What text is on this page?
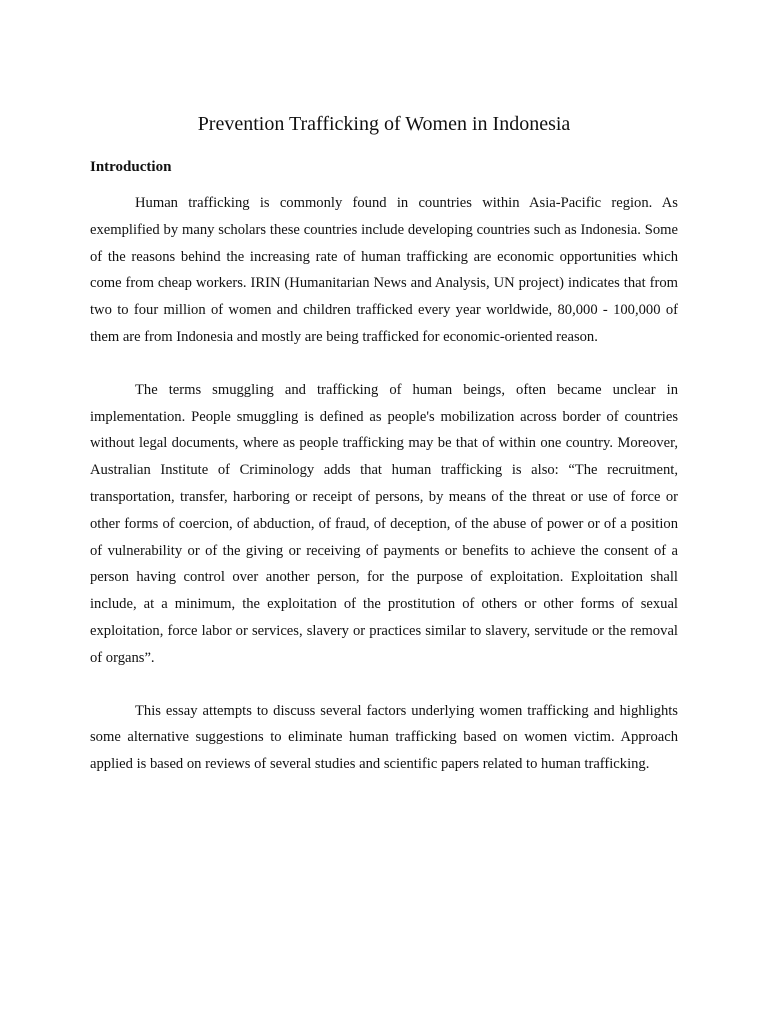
Prevention Trafficking of Women in Indonesia
Introduction

Human trafficking is commonly found in countries within Asia-Pacific region. As exemplified by many scholars these countries include developing countries such as Indonesia. Some of the reasons behind the increasing rate of human trafficking are economic opportunities which come from cheap workers. IRIN (Humanitarian News and Analysis, UN project) indicates that from two to four million of women and children trafficked every year worldwide, 80,000 - 100,000 of them are from Indonesia and mostly are being trafficked for economic-oriented reason.

The terms smuggling and trafficking of human beings, often became unclear in implementation. People smuggling is defined as people's mobilization across border of countries without legal documents, where as people trafficking may be that of within one country. Moreover, Australian Institute of Criminology adds that human trafficking is also: “The recruitment, transportation, transfer, harboring or receipt of persons, by means of the threat or use of force or other forms of coercion, of abduction, of fraud, of deception, of the abuse of power or of a position of vulnerability or of the giving or receiving of payments or benefits to achieve the consent of a person having control over another person, for the purpose of exploitation. Exploitation shall include, at a minimum, the exploitation of the prostitution of others or other forms of sexual exploitation, force labor or services, slavery or practices similar to slavery, servitude or the removal of organs”.

This essay attempts to discuss several factors underlying women trafficking and highlights some alternative suggestions to eliminate human trafficking based on women victim. Approach applied is based on reviews of several studies and scientific papers related to human trafficking.
